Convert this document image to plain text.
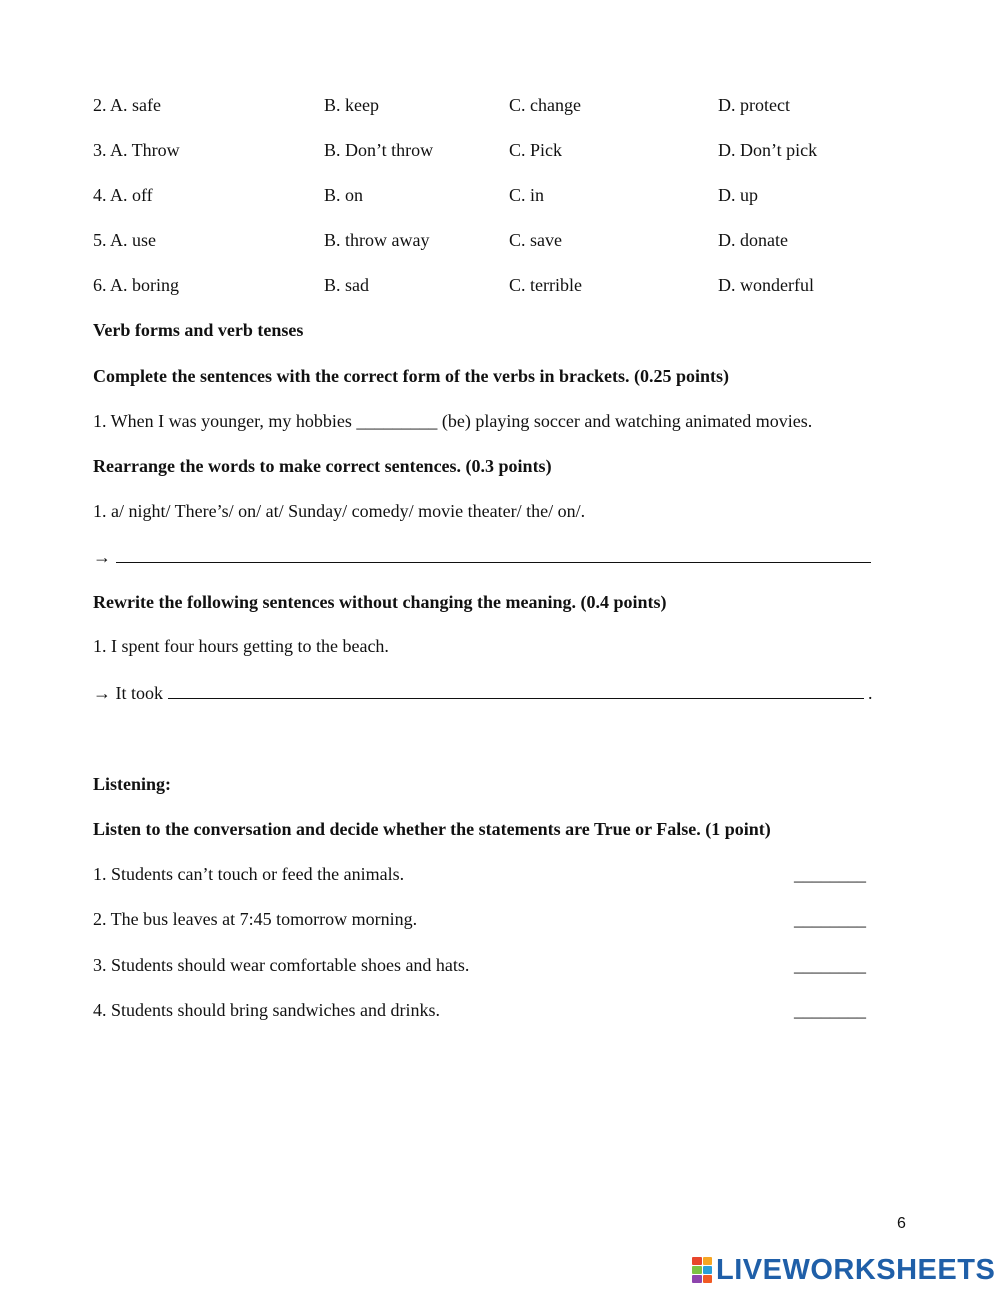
2. A. safe	B. keep	C. change	D. protect
3. A. Throw	B. Don’t throw	C. Pick	D. Don’t pick
4. A. off	B. on	C. in	D. up
5. A. use	B. throw away	C. save	D. donate
6. A. boring	B. sad	C. terrible	D. wonderful
Verb forms and verb tenses
Complete the sentences with the correct form of the verbs in brackets. (0.25 points)
1. When I was younger, my hobbies _________ (be) playing soccer and watching animated movies.
Rearrange the words to make correct sentences. (0.3 points)
1. a/ night/ There’s/ on/ at/ Sunday/ comedy/ movie theater/ the/ on/.
→
Rewrite the following sentences without changing the meaning. (0.4 points)
1. I spent four hours getting to the beach.
→ It took	.
Listening:
Listen to the conversation and decide whether the statements are True or False. (1 point)
1. Students can’t touch or feed the animals.	________
2. The bus leaves at 7:45 tomorrow morning.	________
3. Students should wear comfortable shoes and hats.	________
4. Students should bring sandwiches and drinks.	________
6
LIVEWORKSHEETS
